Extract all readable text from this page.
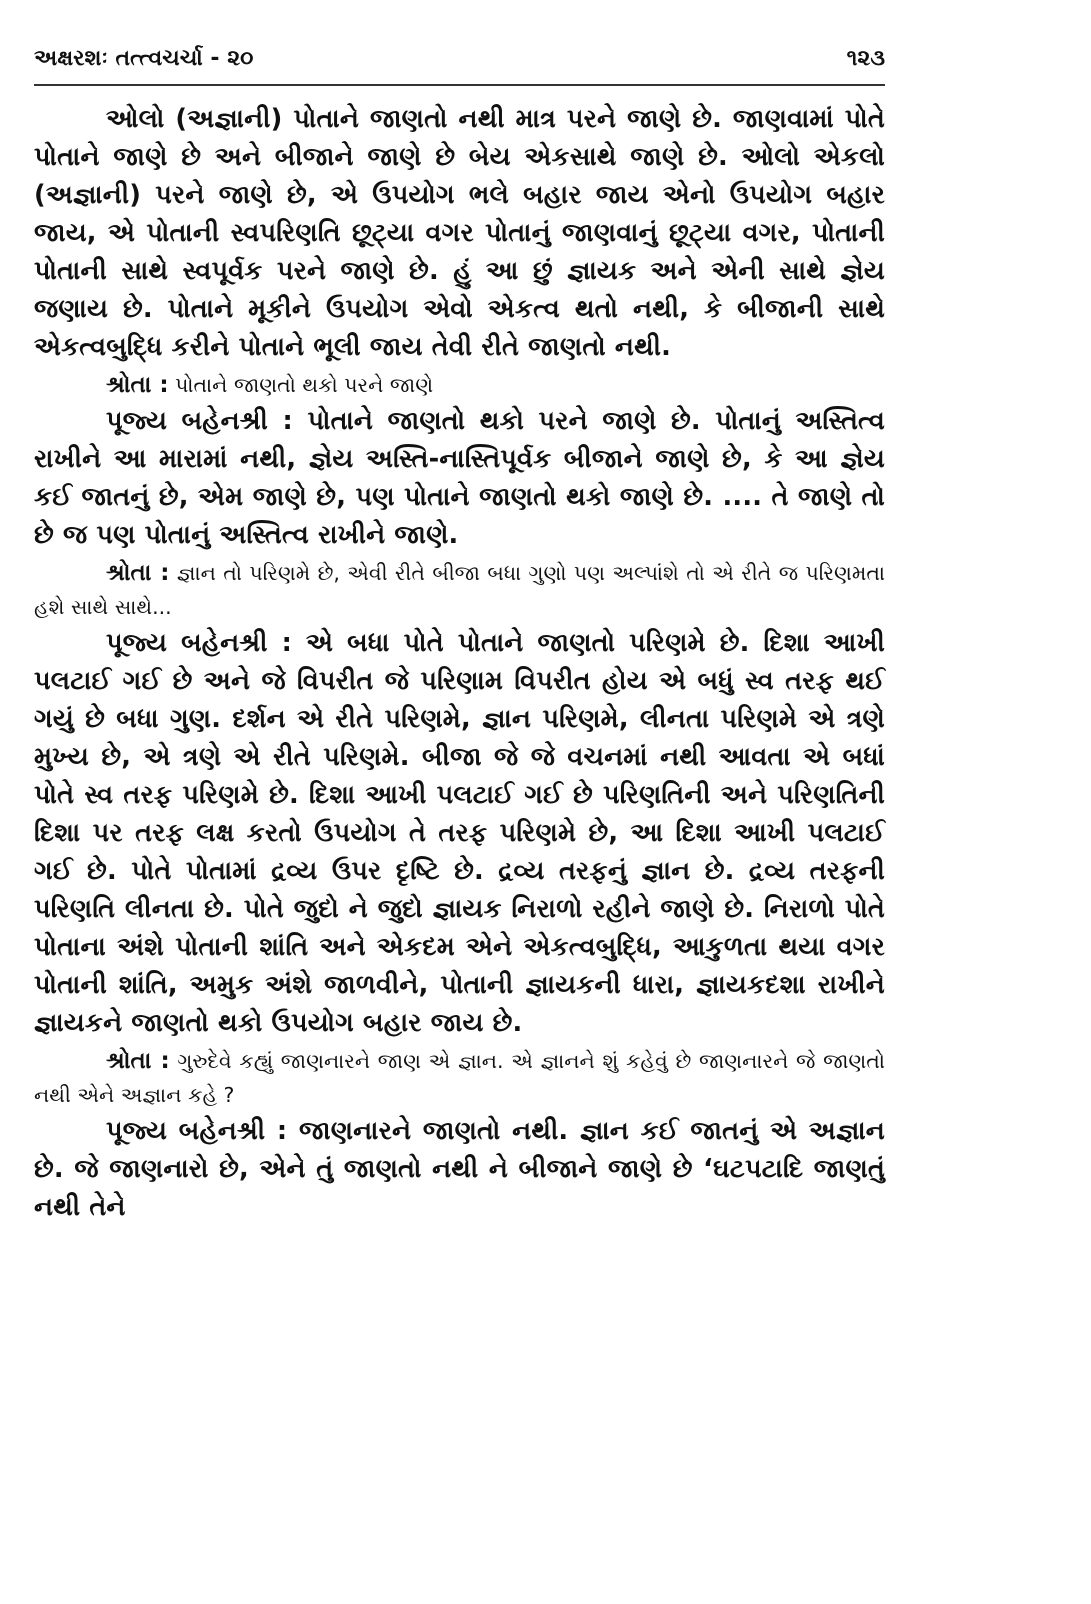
અક્ષરશઃ તત્ત્વચર્ચા - ૨૦	૧૨૩

ઓલો (અજ્ઞાની) પોતાને જાણતો નથી માત્ર પરને જાણે છે. જાણવામાં પોતે પોતાને જાણે છે અને બીજાને જાણે છે બેય એકસાથે જાણે છે. ઓલો એકલો (અજ્ઞાની) પરને જાણે છે, એ ઉપયોગ ભલે બહાર જાય એનો ઉપયોગ બહાર જાય, એ પોતાની સ્વપરિણતિ છૂટ્યા વગર પોતાનું જાણવાનું છૂટ્યા વગર, પોતાની પોતાની સાથે સ્વપૂર્વક પરને જાણે છે. હું આ છું જ્ઞાયક અને એની સાથે જ્ઞેય જણાય છે. પોતાને મૂકીને ઉપયોગ એવો એકત્વ થતો નથી, કે બીજાની સાથે એકત્વબુદ્ધિ કરીને પોતાને ભૂલી જાય તેવી રીતે જાણતો નથી.

શ્રોતા : પોતાને જાણતો થકો પરને જાણે

પૂજ્ય બહેનશ્રી : પોતાને જાણતો થકો પરને જાણે છે. પોતાનું અસ્તિત્વ રાખીને આ મારામાં નથી, જ્ઞેય અસ્તિ-નાસ્તિપૂર્વક બીજાને જાણે છે, કે આ જ્ઞેય કઈ જાતનું છે, એમ જાણે છે, પણ પોતાને જાણતો થકો જાણે છે. .... તે જાણે તો છે જ પણ પોતાનું અસ્તિત્વ રાખીને જાણે.

શ્રોતા : જ્ઞાન તો પરિણમે છે, એવી રીતે બીજા બધા ગુણો પણ અલ્પાંશે તો એ રીતે જ પરિણમતા હશે સાથે સાથે...

પૂજ્ય બહેનશ્રી : એ બધા પોતે પોતાને જાણતો પરિણમે છે. દિશા આખી પલટાઈ ગઈ છે અને જે વિપરીત જે પરિણામ વિપરીત હોય એ બધું સ્વ તરફ થઈ ગયું છે બધા ગુણ. દર્શન એ રીતે પરિણમે, જ્ઞાન પરિણમે, લીનતા પરિણમે એ ત્રણે મુખ્ય છે, એ ત્રણે એ રીતે પરિણમે. બીજા જે જે વચનમાં નથી આવતા એ બધાં પોતે સ્વ તરફ પરિણમે છે. દિશા આખી પલટાઈ ગઈ છે પરિણતિની અને પરિણતિની દિશા પર તરફ લક્ષ કરતો ઉપયોગ તે તરફ પરિણમે છે, આ દિશા આખી પલટાઈ ગઈ છે. પોતે પોતામાં દ્રવ્ય ઉપર દૃષ્ટિ છે. દ્રવ્ય તરફનું જ્ઞાન છે. દ્રવ્ય તરફની પરિણતિ લીનતા છે. પોતે જુદો ને જુદો જ્ઞાયક નિરાળો રહીને જાણે છે. નિરાળો પોતે પોતાના અંશે પોતાની શાંતિ અને એકદમ એને એકત્વબુદ્ધિ, આકુળતા થયા વગર પોતાની શાંતિ, અમુક અંશે જાળવીને, પોતાની જ્ઞાયકની ધારા, જ્ઞાયકદશા રાખીને જ્ઞાયકને જાણતો થકો ઉપયોગ બહાર જાય છે.

શ્રોતા : ગુરુદેવે કહ્યું જાણનારને જાણ એ જ્ઞાન. એ જ્ઞાનને શું કહેવું છે જાણનારને જે જાણતો નથી એને અજ્ઞાન કહે ?

પૂજ્ય બહેનશ્રી : જાણનારને જાણતો નથી. જ્ઞાન કઈ જાતનું એ અજ્ઞાન છે. જે જાણનારો છે, એને તું જાણતો નથી ને બીજાને જાણે છે ‘ઘટપટાદિ જાણતું નથી તેને
